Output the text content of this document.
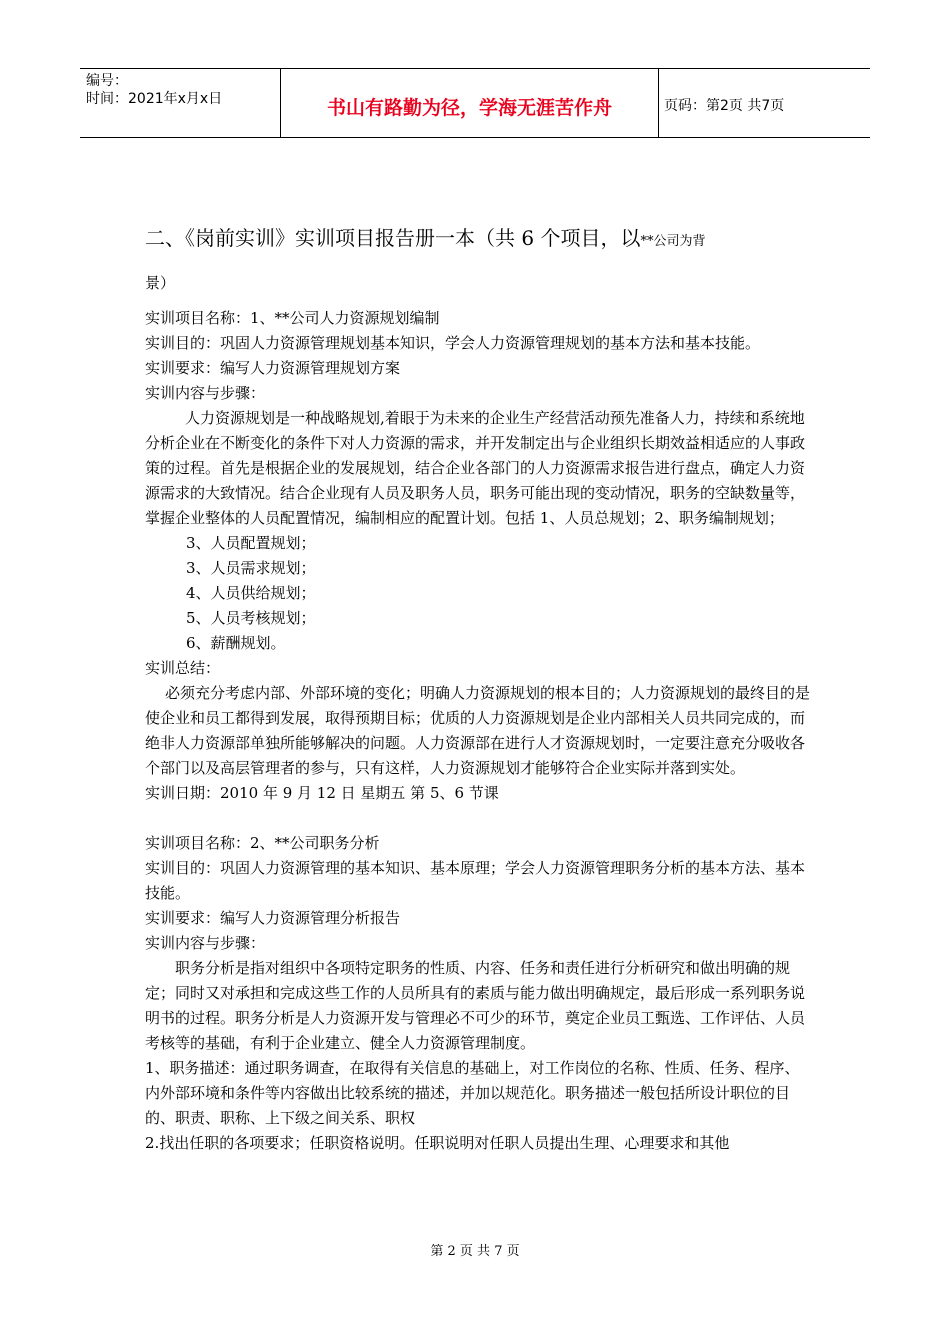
编号：
时间：2021年x月x日	书山有路勤为径，学海无涯苦作舟	页码：第2页 共7页
二、《岗前实训》实训项目报告册一本（共 6 个项目，以**公司为背
景）

实训项目名称：1、**公司人力资源规划编制

实训目的：巩固人力资源管理规划基本知识，学会人力资源管理规划的基本方法和基本技能。

实训要求：编写人力资源管理规划方案

实训内容与步骤：

人力资源规划是一种战略规划,着眼于为未来的企业生产经营活动预先准备人力，持续和系统地分析企业在不断变化的条件下对人力资源的需求，并开发制定出与企业组织长期效益相适应的人事政策的过程。首先是根据企业的发展规划，结合企业各部门的人力资源需求报告进行盘点，确定人力资源需求的大致情况。结合企业现有人员及职务人员，职务可能出现的变动情况，职务的空缺数量等，掌握企业整体的人员配置情况，编制相应的配置计划。包括 1、人员总规划；2、职务编制规划；

3、人员配置规划；

3、人员需求规划；

4、人员供给规划；

5、人员考核规划；

6、薪酬规划。

实训总结：

必须充分考虑内部、外部环境的变化；明确人力资源规划的根本目的；人力资源规划的最终目的是使企业和员工都得到发展，取得预期目标；优质的人力资源规划是企业内部相关人员共同完成的，而绝非人力资源部单独所能够解决的问题。人力资源部在进行人才资源规划时，一定要注意充分吸收各个部门以及高层管理者的参与，只有这样，人力资源规划才能够符合企业实际并落到实处。

实训日期：2010 年 9 月 12 日 星期五 第 5、6 节课

实训项目名称：2、**公司职务分析

实训目的：巩固人力资源管理的基本知识、基本原理；学会人力资源管理职务分析的基本方法、基本技能。

实训要求：编写人力资源管理分析报告

实训内容与步骤：

职务分析是指对组织中各项特定职务的性质、内容、任务和责任进行分析研究和做出明确的规定；同时又对承担和完成这些工作的人员所具有的素质与能力做出明确规定，最后形成一系列职务说明书的过程。职务分析是人力资源开发与管理必不可少的环节，奠定企业员工甄选、工作评估、人员考核等的基础，有利于企业建立、健全人力资源管理制度。

1、职务描述：通过职务调查，在取得有关信息的基础上，对工作岗位的名称、性质、任务、程序、内外部环境和条件等内容做出比较系统的描述，并加以规范化。职务描述一般包括所设计职位的目的、职责、职称、上下级之间关系、职权

2.找出任职的各项要求；任职资格说明。任职说明对任职人员提出生理、心理要求和其他

第 2 页 共 7 页
